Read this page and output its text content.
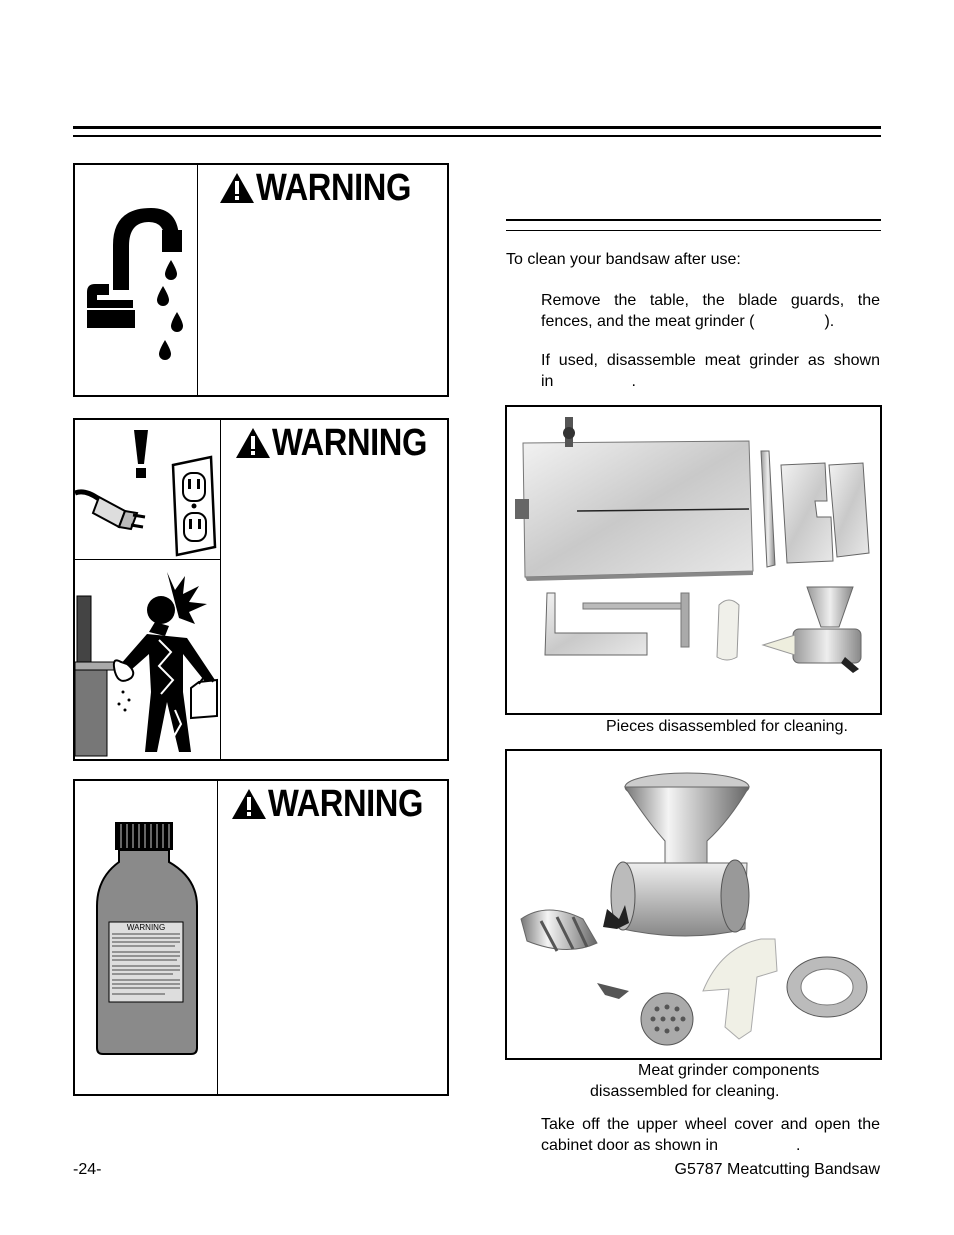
WARNING
WARNING
WARNING
WARNING
To clean your bandsaw after use:
Remove the table, the blade guards, the
fences, and the meat grinder (	).
If used, disassemble meat grinder as shown
in	.
Pieces disassembled for cleaning.
Meat grinder components
disassembled for cleaning.
Take off the upper wheel cover and open the
cabinet door as shown in	.
-24-	G5787 Meatcutting Bandsaw
